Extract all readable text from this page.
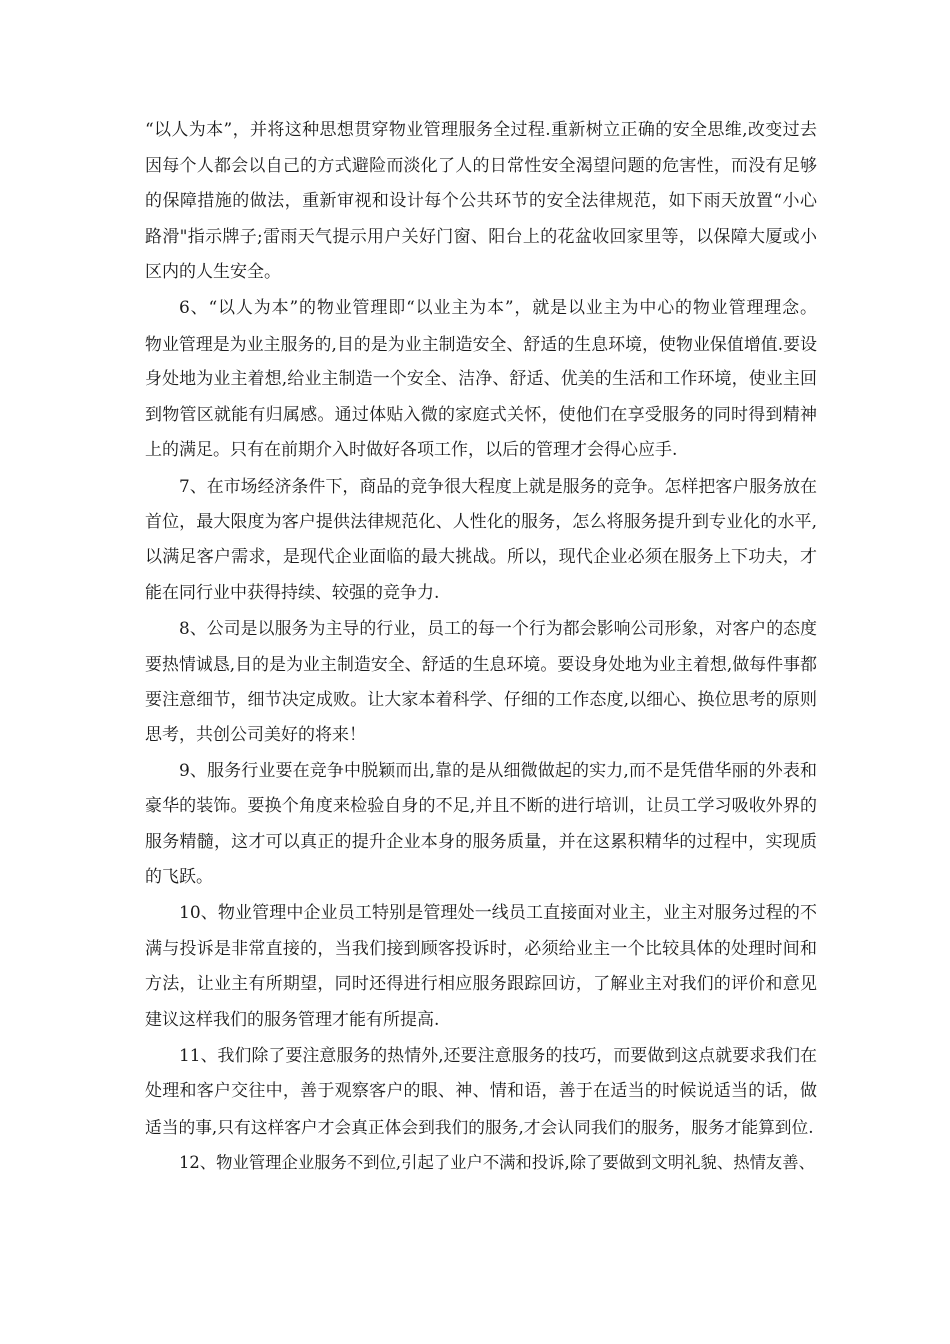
“以人为本”，并将这种思想贯穿物业管理服务全过程.重新树立正确的安全思维,改变过去
因每个人都会以自己的方式避险而淡化了人的日常性安全渴望问题的危害性，而没有足够
的保障措施的做法，重新审视和设计每个公共环节的安全法律规范，如下雨天放置“小心
路滑"指示牌子;雷雨天气提示用户关好门窗、阳台上的花盆收回家里等，以保障大厦或小
区内的人生安全。

6、“以人为本”的物业管理即“以业主为本”，就是以业主为中心的物业管理理念。
物业管理是为业主服务的,目的是为业主制造安全、舒适的生息环境，使物业保值增值.要设
身处地为业主着想,给业主制造一个安全、洁净、舒适、优美的生活和工作环境，使业主回
到物管区就能有归属感。通过体贴入微的家庭式关怀，使他们在享受服务的同时得到精神
上的满足。只有在前期介入时做好各项工作，以后的管理才会得心应手.

7、在市场经济条件下，商品的竞争很大程度上就是服务的竞争。怎样把客户服务放在
首位，最大限度为客户提供法律规范化、人性化的服务，怎么将服务提升到专业化的水平,
以满足客户需求，是现代企业面临的最大挑战。所以，现代企业必须在服务上下功夫，才
能在同行业中获得持续、较强的竞争力.

8、公司是以服务为主导的行业，员工的每一个行为都会影响公司形象，对客户的态度
要热情诚恳,目的是为业主制造安全、舒适的生息环境。要设身处地为业主着想,做每件事都
要注意细节，细节决定成败。让大家本着科学、仔细的工作态度,以细心、换位思考的原则
思考，共创公司美好的将来！

9、服务行业要在竞争中脱颖而出,靠的是从细微做起的实力,而不是凭借华丽的外表和
豪华的装饰。要换个角度来检验自身的不足,并且不断的进行培训，让员工学习吸收外界的
服务精髓，这才可以真正的提升企业本身的服务质量，并在这累积精华的过程中，实现质
的飞跃。

10、物业管理中企业员工特别是管理处一线员工直接面对业主，业主对服务过程的不
满与投诉是非常直接的，当我们接到顾客投诉时，必须给业主一个比较具体的处理时间和
方法，让业主有所期望，同时还得进行相应服务跟踪回访，了解业主对我们的评价和意见
建议这样我们的服务管理才能有所提高.

11、我们除了要注意服务的热情外,还要注意服务的技巧，而要做到这点就要求我们在
处理和客户交往中，善于观察客户的眼、神、情和语，善于在适当的时候说适当的话，做
适当的事,只有这样客户才会真正体会到我们的服务,才会认同我们的服务，服务才能算到位.

12、物业管理企业服务不到位,引起了业户不满和投诉,除了要做到文明礼貌、热情友善、
